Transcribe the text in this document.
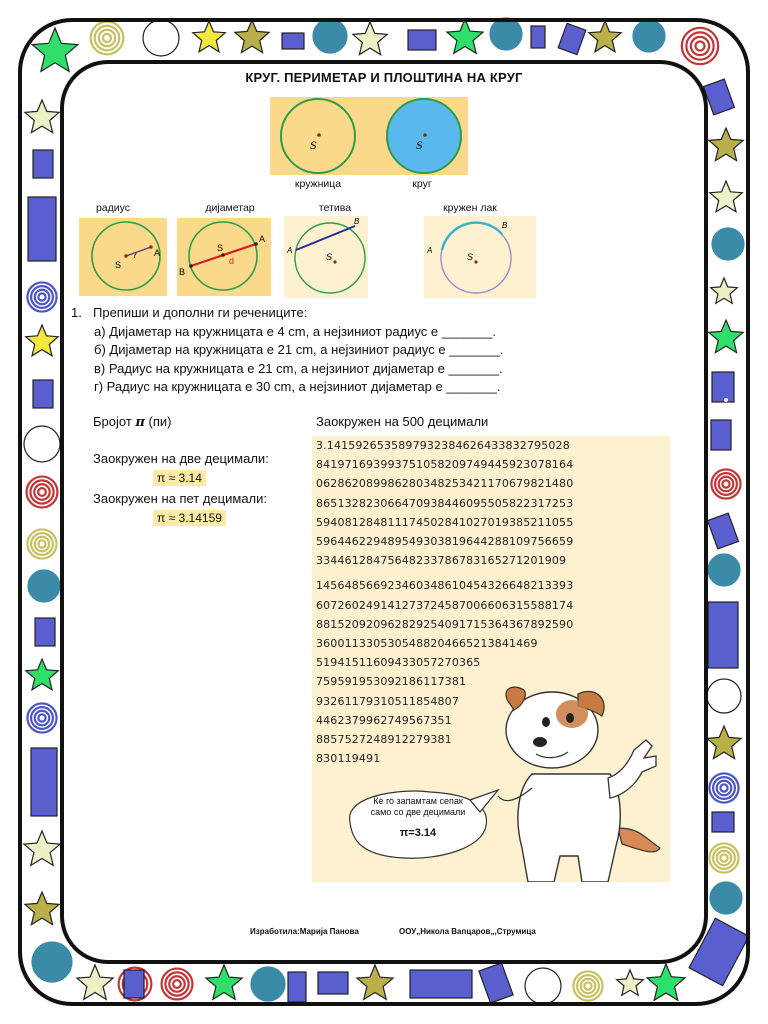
КРУГ. ПЕРИМЕТАР И ПЛОШТИНА НА КРУГ
S	S
кружница	круг
радиус	дијаметар	тетива	кружен лак
S
r A	S
A
B
d
A
B
S
A
B
S
1. Препиши и дополни ги реченицитe:
а) Дијаметар на кружницата е 4 cm, а нејзиниот радиус е _______.
б) Дијаметар на кружницата е 21 cm, а нејзиниот радиус е _______.
в) Радиус на кружницата е 21 cm, а нејзиниот дијаметар е _______.
г) Радиус на кружницата е 30 cm, а нејзиниот дијаметар е _______.
Бројот π (пи)
Заокружен на две децимали:
π ≈ 3.14
Заокружен на пет децимали:
π ≈ 3.14159
Заокружен на 500 децимали
3.1415926535897932384626433832795028
841971693993751058209749445923078164
062862089986280348253421170679821480
865132823066470938446095505822317253
594081284811174502841027019385211055
596446229489549303819644288109756659
33446128475648233786783165271201909
145648566923460348610454326648213393
607260249141273724587006606315588174
881520920962829254091715364367892590
3600113305305488204665213841469
51941511609433057270365
759591953092186117381
93261179310511854807
4462379962749567351
8857527248912279381
830119491
Ќе го запамтам сепак
само со две децимали
π=3.14
Изработила:Марија Панова	ООУ„Никола Вапцаров„,Струмица
